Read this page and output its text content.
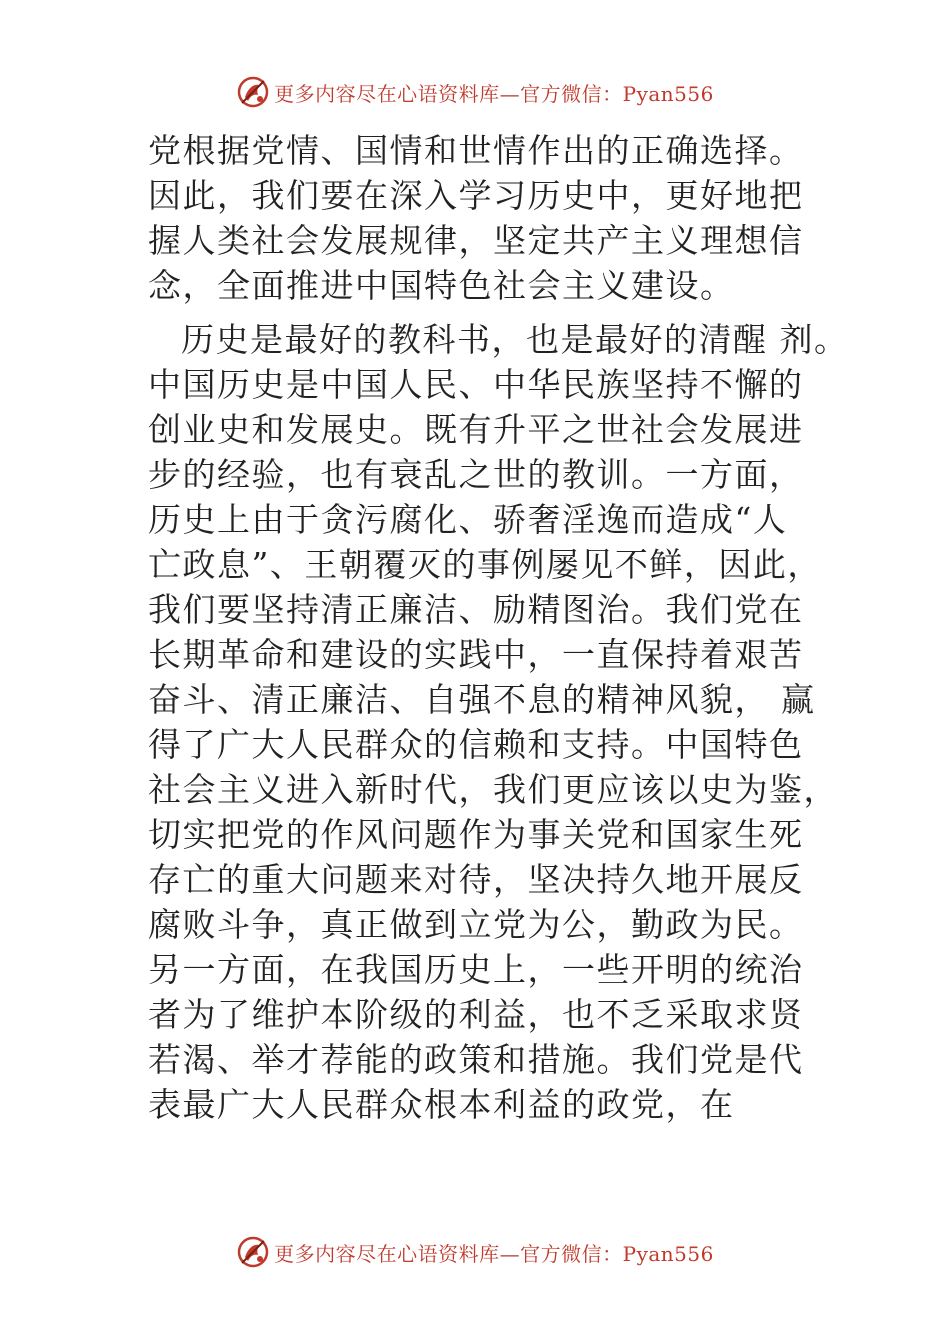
更多内容尽在心语资料库—官方微信：Pyan556
党根据党情、国情和世情作出的正确选择。
因此，我们要在深入学习历史中，更好地把
握人类社会发展规律，坚定共产主义理想信
念，全面推进中国特色社会主义建设。
历史是最好的教科书，也是最好的清醒 剂。
中国历史是中国人民、中华民族坚持不懈的
创业史和发展史。既有升平之世社会发展进
步的经验，也有衰乱之世的教训。一方面，
历史上由于贪污腐化、骄奢淫逸而造成“人
亡政息”、王朝覆灭的事例屡见不鲜，因此，
我们要坚持清正廉洁、励精图治。我们党在
长期革命和建设的实践中，一直保持着艰苦
奋斗、清正廉洁、自强不息的精神风貌， 赢
得了广大人民群众的信赖和支持。中国特色
社会主义进入新时代，我们更应该以史为鉴，
切实把党的作风问题作为事关党和国家生死
存亡的重大问题来对待，坚决持久地开展反
腐败斗争，真正做到立党为公，勤政为民。
另一方面，在我国历史上，一些开明的统治
者为了维护本阶级的利益，也不乏采取求贤
若渴、举才荐能的政策和措施。我们党是代
表最广大人民群众根本利益的政党，在
更多内容尽在心语资料库—官方微信：Pyan556
